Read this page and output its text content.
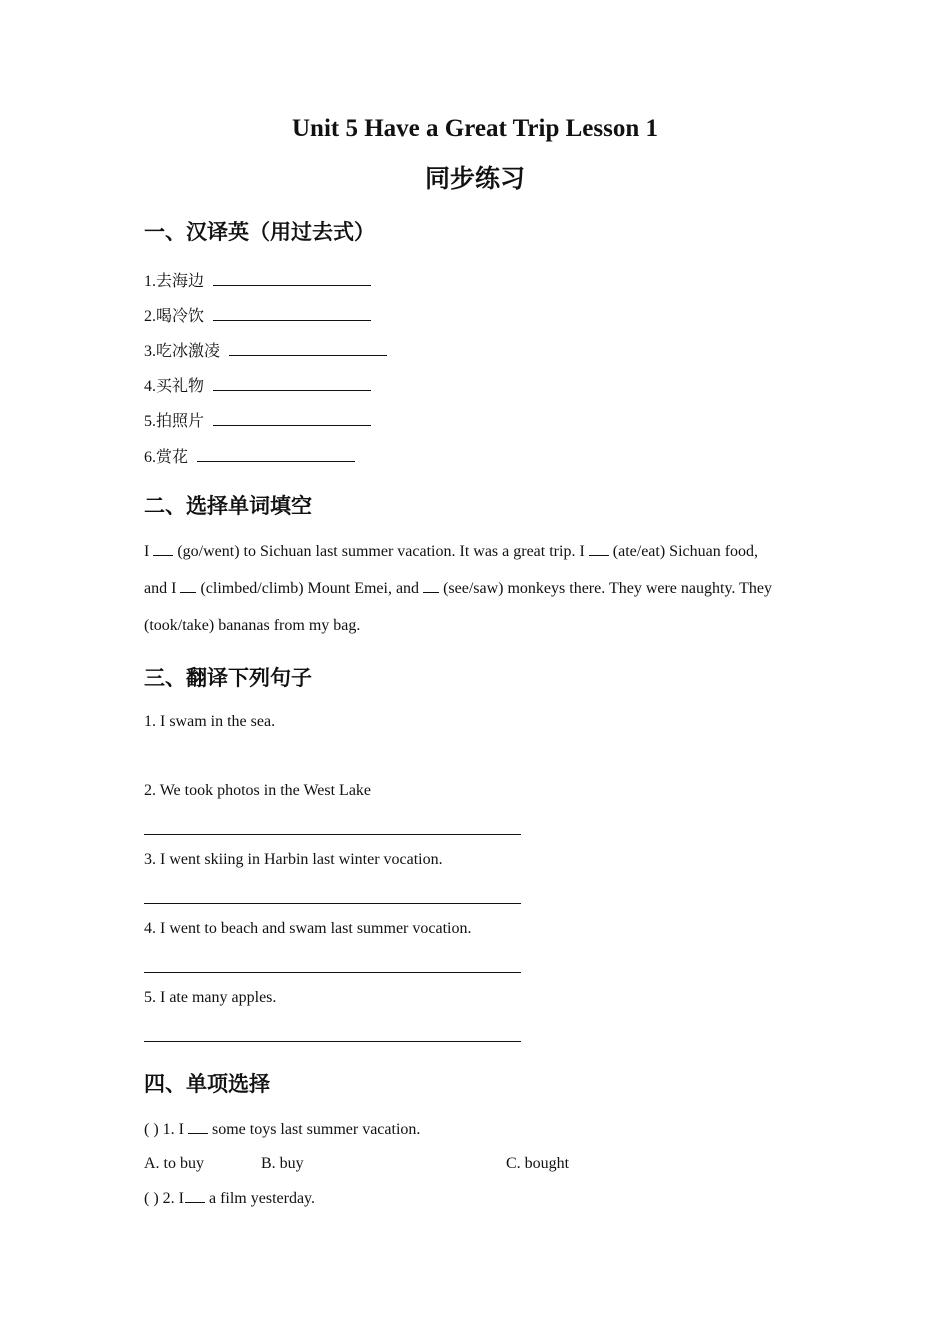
Unit 5 Have a Great Trip Lesson 1
同步练习
一、汉译英（用过去式）
1.去海边
2.喝冷饮
3.吃冰激凌
4.买礼物
5.拍照片
6.赏花
二、选择单词填空
I (go/went) to Sichuan last summer vacation. It was a great trip. I (ate/eat) Sichuan food,
and I (climbed/climb) Mount Emei, and (see/saw) monkeys there. They were naughty. They
(took/take) bananas from my bag.
三、翻译下列句子
1. I swam in the sea.
2. We took photos in the West Lake
3. I went skiing in Harbin last winter vocation.
4. I went to beach and swam last summer vocation.
5. I ate many apples.
四、单项选择
( ) 1. I some toys last summer vacation.
A. to buy	B. buy	C. bought
( ) 2. I a film yesterday.
